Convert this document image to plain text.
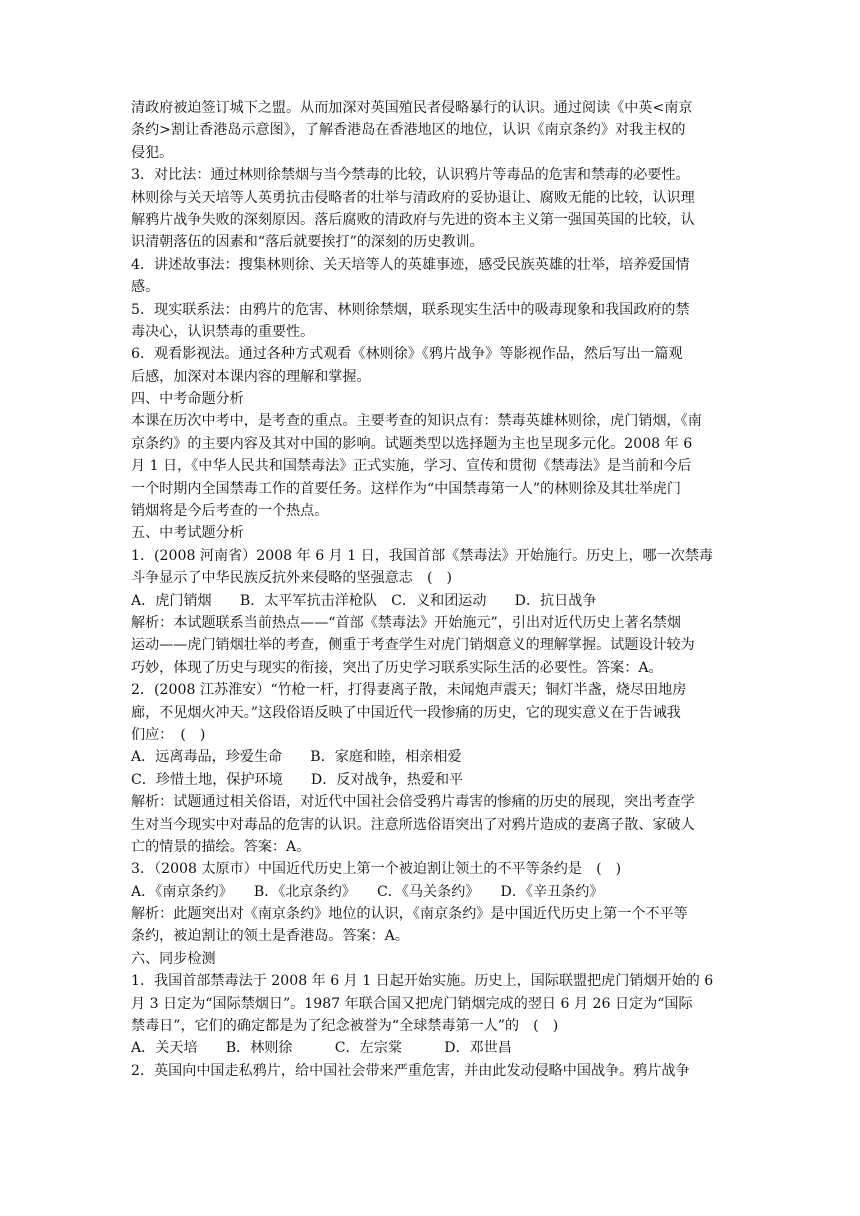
清政府被迫签订城下之盟。从而加深对英国殖民者侵略暴行的认识。通过阅读《中英<南京
条约>割让香港岛示意图》，了解香港岛在香港地区的地位，认识《南京条约》对我主权的
侵犯。
3．对比法：通过林则徐禁烟与当今禁毒的比较，认识鸦片等毒品的危害和禁毒的必要性。
林则徐与关天培等人英勇抗击侵略者的壮举与清政府的妥协退让、腐败无能的比较，认识理
解鸦片战争失败的深刻原因。落后腐败的清政府与先进的资本主义第一强国英国的比较，认
识清朝落伍的因素和“落后就要挨打”的深刻的历史教训。
4．讲述故事法：搜集林则徐、关天培等人的英雄事迹，感受民族英雄的壮举，培养爱国情
感。
5．现实联系法：由鸦片的危害、林则徐禁烟，联系现实生活中的吸毒现象和我国政府的禁
毒决心，认识禁毒的重要性。
6．观看影视法。通过各种方式观看《林则徐》《鸦片战争》等影视作品，然后写出一篇观
后感，加深对本课内容的理解和掌握。
四、中考命题分析
本课在历次中考中，是考查的重点。主要考查的知识点有：禁毒英雄林则徐，虎门销烟，《南
京条约》的主要内容及其对中国的影响。试题类型以选择题为主也呈现多元化。2008 年 6
月 1 日，《中华人民共和国禁毒法》正式实施，学习、宣传和贯彻《禁毒法》是当前和今后
一个时期内全国禁毒工作的首要任务。这样作为“中国禁毒第一人”的林则徐及其壮举虎门
销烟将是今后考查的一个热点。
五、中考试题分析
1．(2008 河南省）2008 年 6 月 1 日，我国首部《禁毒法》开始施行。历史上，哪一次禁毒
斗争显示了中华民族反抗外来侵略的坚强意志　(　)
A．虎门销烟　　B．太平军抗击洋枪队　C．义和团运动　　D．抗日战争
解析：本试题联系当前热点——“首部《禁毒法》开始施元”，引出对近代历史上著名禁烟
运动——虎门销烟壮举的考查，侧重于考查学生对虎门销烟意义的理解掌握。试题设计较为
巧妙，体现了历史与现实的衔接，突出了历史学习联系实际生活的必要性。答案：A。
2．(2008 江苏淮安）“竹枪一杆，打得妻离子散，未闻炮声震天；铜灯半盏，烧尽田地房
廊，不见烟火冲天。”这段俗语反映了中国近代一段惨痛的历史，它的现实意义在于告诫我
们应：　(　)
A．远离毒品，珍爱生命　　B．家庭和睦，相亲相爱
C．珍惜土地，保护环境　　D．反对战争，热爱和平
解析：试题通过相关俗语，对近代中国社会倍受鸦片毒害的惨痛的历史的展现，突出考查学
生对当今现实中对毒品的危害的认识。注意所选俗语突出了对鸦片造成的妻离子散、家破人
亡的情景的描绘。答案：A。
3．（2008 太原市）中国近代历史上第一个被迫割让领土的不平等条约是　(　)
A．《南京条约》　　B．《北京条约》　　C．《马关条约》　　D．《辛丑条约》
解析：此题突出对《南京条约》地位的认识，《南京条约》是中国近代历史上第一个不平等
条约，被迫割让的领土是香港岛。答案：A。
六、同步检测
1．我国首部禁毒法于 2008 年 6 月 1 日起开始实施。历史上，国际联盟把虎门销烟开始的 6
月 3 日定为“国际禁烟日”。1987 年联合国又把虎门销烟完成的翌日 6 月 26 日定为“国际
禁毒日”，它们的确定都是为了纪念被誉为“全球禁毒第一人”的　(　)
A．关天培　　B．林则徐　　　C．左宗棠　　　D．邓世昌
2．英国向中国走私鸦片，给中国社会带来严重危害，并由此发动侵略中国战争。鸦片战争
